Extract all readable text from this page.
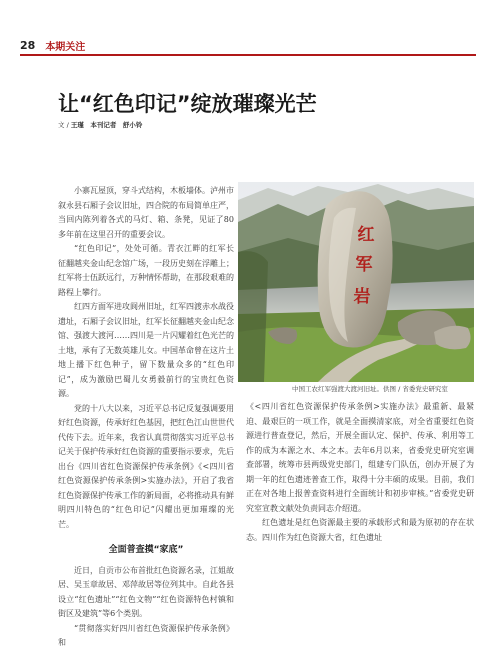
28 本期关注
让“红色印记”绽放璀璨光芒
文 / 王瑾　本刊记者　舒小铃
红
军
岩
中国工农红军强渡大渡河旧址。供图 / 省委党史研究室

小寨瓦屋顶，穿斗式结构，木板墙体。泸州市叙永县石厢子会议旧址，四合院的布局简单庄严，当回内陈列着各式的马灯、箱、条凳，见证了80多年前在这里召开的重要会议。

“红色印记”，处处可循。青衣江畔的红军长征翻越夹金山纪念馆广场，一段历史刻在浮雕上；红军将士伍跃远行，万种情怀帮助，在那段艰难的路程上攀行。

红四方面军进攻阆州旧址，红军四渡赤水战役遗址，石厢子会议旧址，红军长征翻越夹金山纪念馆、强渡大渡河……四川是一片闪耀着红色光芒的土地，承有了无数英雄儿女。中国革命曾在这片土地上播下红色种子，留下数量众多的“红色印记”，成为激励巴蜀儿女勇毅前行的宝贵红色资源。

党的十八大以来，习近平总书记反复强调要用好红色资源，传承好红色基因，把红色江山世世代代传下去。近年来，我省认真贯彻落实习近平总书记关于保护传承好红色资源的重要指示要求，先后出台《四川省红色资源保护传承条例》《<四川省红色资源保护传承条例>实施办法》，开启了我省红色资源保护传承工作的新局面，必将推动具有鲜明四川特色的“红色印记”闪耀出更加璀璨的光芒。

全面普查摸“家底”

近日，自贡市公布首批红色资源名录，江姐故居、吴玉章故居、邓萍故居等位列其中。自此各县设立“红色遗址”“红色文物”“红色资源特色村镇和街区及建筑”等6个类别。

“贯彻落实好四川省红色资源保护传承条例》和

《<四川省红色资源保护传承条例>实施办法》最重新、最紧迫、最艰巨的一项工作，就是全面摸清家底，对全省重要红色资源进行普查登记，然后，开展全面认定、保护、传承、利用等工作的成为本源之水、本之本。去年6月以来，省委党史研究室调查部署，统筹市县两级党史部门，组建专门队伍，创办开展了为期一年的红色遗迹普查工作，取得十分丰硕的成果。目前，我们正在对各地上报普查资料进行全面统计和初步审核。”省委党史研究室宣教文献处负责同志介绍道。

红色遗址是红色资源最主要的承载形式和最为原初的存在状态。四川作为红色资源大省，红色遗址
